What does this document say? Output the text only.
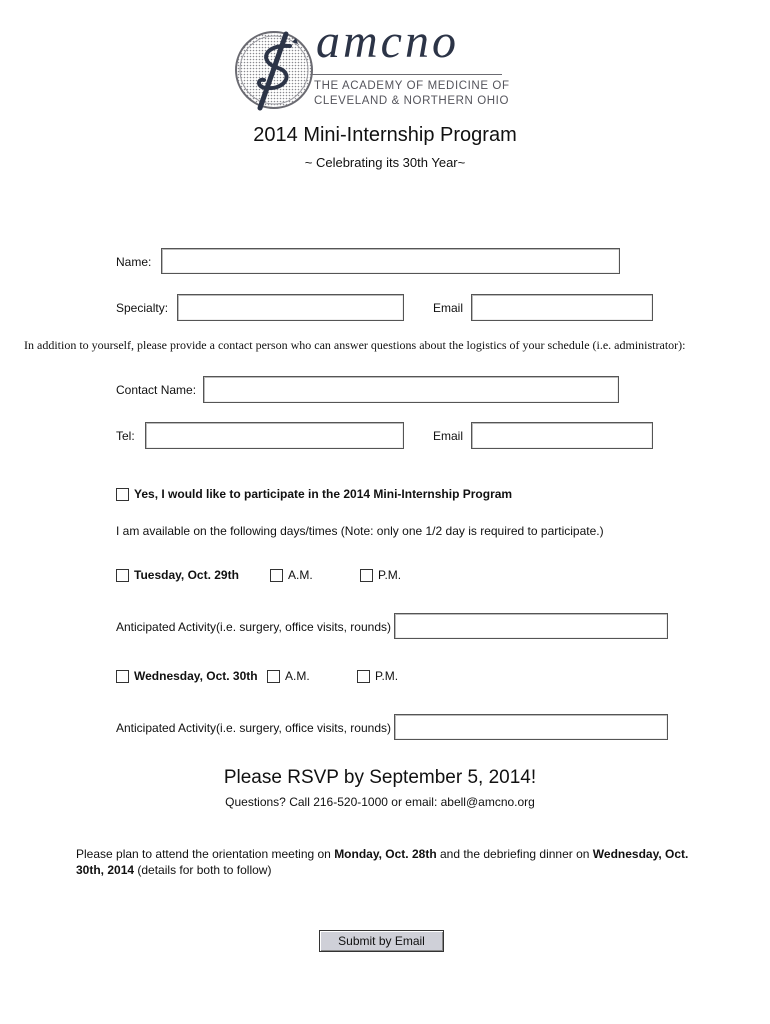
amcno
THE ACADEMY OF MEDICINE OF
CLEVELAND & NORTHERN OHIO
2014 Mini-Internship Program
~ Celebrating its 30th Year~
Name:
Specialty:	Email
In addition to yourself, please provide a contact person who can answer questions about the logistics of your schedule (i.e. administrator):
Contact Name:
Tel:	Email
Yes, I would like to participate in the 2014 Mini-Internship Program
I am available on the following days/times (Note: only one 1/2 day is required to participate.)
Tuesday, Oct. 29th	A.M.	P.M.
Anticipated Activity(i.e. surgery, office visits, rounds)
Wednesday, Oct. 30th A.M.	P.M.
Anticipated Activity(i.e. surgery, office visits, rounds)
Please RSVP by September 5, 2014!
Questions? Call 216-520-1000 or email: abell@amcno.org
Please plan to attend the orientation meeting on Monday, Oct. 28th and the debriefing dinner on Wednesday, Oct. 30th, 2014 (details for both to follow)
Submit by Email
